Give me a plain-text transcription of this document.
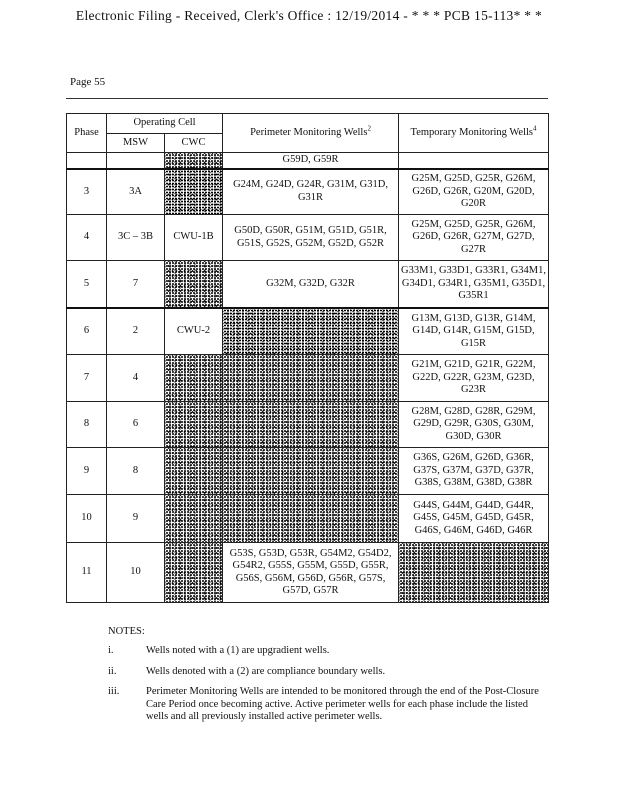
Electronic Filing - Received, Clerk's Office : 12/19/2014 - * * * PCB 15-113* * *
Page 55
Phase	Operating Cell		Perimeter Monitoring Wells$^2$	Temporary Monitoring Wells$^4$
	MSW	CWC		
			G59D, G59R	
3	3A		G24M, G24D, G24R, G31M, G31D, G31R	G25M, G25D, G25R, G26M, G26D, G26R, G20M, G20D, G20R
4	3C – 3B	CWU-1B	G50D, G50R, G51M, G51D, G51R, G51S, G52S, G52M, G52D, G52R	G25M, G25D, G25R, G26M, G26D, G26R, G27M, G27D, G27R
5	7		G32M, G32D, G32R	G33M1, G33D1, G33R1, G34M1, G34D1, G34R1, G35M1, G35D1, G35R1
6	2	CWU-2		G13M, G13D, G13R, G14M, G14D, G14R, G15M, G15D, G15R
7	4			G21M, G21D, G21R, G22M, G22D, G22R, G23M, G23D, G23R
8	6			G28M, G28D, G28R, G29M, G29D, G29R, G30S, G30M, G30D, G30R
9	8			G36S, G26M, G26D, G36R, G37S, G37M, G37D, G37R, G38S, G38M, G38D, G38R
10	9			G44S, G44M, G44D, G44R, G45S, G45M, G45D, G45R, G46S, G46M, G46D, G46R
11	10		G53S, G53D, G53R, G54M2, G54D2, G54R2, G55S, G55M, G55D, G55R, G56S, G56M, G56D, G56R, G57S, G57D, G57R	
NOTES:
i.	Wells noted with a (1) are upgradient wells.
ii.	Wells denoted with a (2) are compliance boundary wells.
iii.	Perimeter Monitoring Wells are intended to be monitored through the end of the Post-Closure Care Period once becoming active. Active perimeter wells for each phase include the listed wells and all previously installed active perimeter wells.
